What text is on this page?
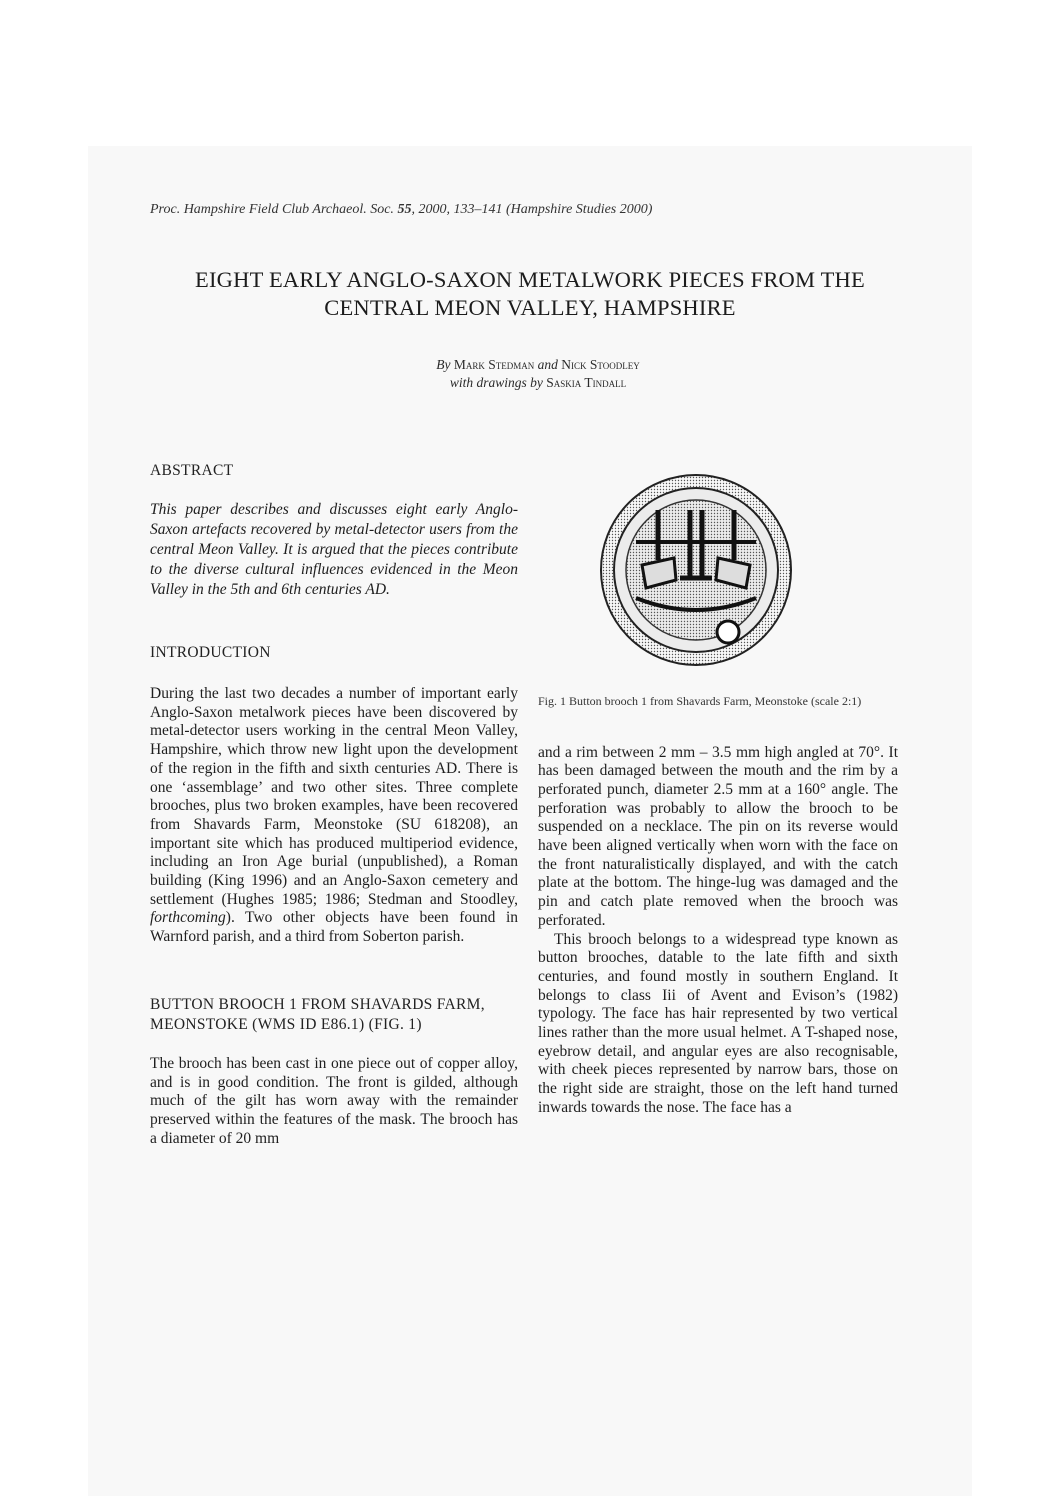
Proc. Hampshire Field Club Archaeol. Soc. 55, 2000, 133–141 (Hampshire Studies 2000)
EIGHT EARLY ANGLO-SAXON METALWORK PIECES FROM THE CENTRAL MEON VALLEY, HAMPSHIRE
By Mark Stedman and Nick Stoodley
with drawings by Saskia Tindall
ABSTRACT

This paper describes and discusses eight early Anglo-Saxon artefacts recovered by metal-detector users from the central Meon Valley. It is argued that the pieces contribute to the diverse cultural influences evidenced in the Meon Valley in the 5th and 6th centuries AD.

INTRODUCTION

During the last two decades a number of important early Anglo-Saxon metalwork pieces have been discovered by metal-detector users working in the central Meon Valley, Hampshire, which throw new light upon the development of the region in the fifth and sixth centuries AD. There is one ‘assemblage’ and two other sites. Three complete brooches, plus two broken examples, have been recovered from Shavards Farm, Meonstoke (SU 618208), an important site which has produced multiperiod evidence, including an Iron Age burial (unpublished), a Roman building (King 1996) and an Anglo-Saxon cemetery and settlement (Hughes 1985; 1986; Stedman and Stoodley, forthcoming). Two other objects have been found in Warnford parish, and a third from Soberton parish.

BUTTON BROOCH 1 FROM SHAVARDS FARM, MEONSTOKE (WMS ID E86.1) (FIG. 1)

The brooch has been cast in one piece out of copper alloy, and is in good condition. The front is gilded, although much of the gilt has worn away with the remainder preserved within the features of the mask. The brooch has a diameter of 20 mm

Fig. 1 Button brooch 1 from Shavards Farm, Meonstoke (scale 2:1)

and a rim between 2 mm – 3.5 mm high angled at 70°. It has been damaged between the mouth and the rim by a perforated punch, diameter 2.5 mm at a 160° angle. The perforation was probably to allow the brooch to be suspended on a necklace. The pin on its reverse would have been aligned vertically when worn with the face on the front naturalistically displayed, and with the catch plate at the bottom. The hinge-lug was damaged and the pin and catch plate removed when the brooch was perforated.

This brooch belongs to a widespread type known as button brooches, datable to the late fifth and sixth centuries, and found mostly in southern England. It belongs to class Iii of Avent and Evison’s (1982) typology. The face has hair represented by two vertical lines rather than the more usual helmet. A T-shaped nose, eyebrow detail, and angular eyes are also recognisable, with cheek pieces represented by narrow bars, those on the right side are straight, those on the left hand turned inwards towards the nose. The face has a
